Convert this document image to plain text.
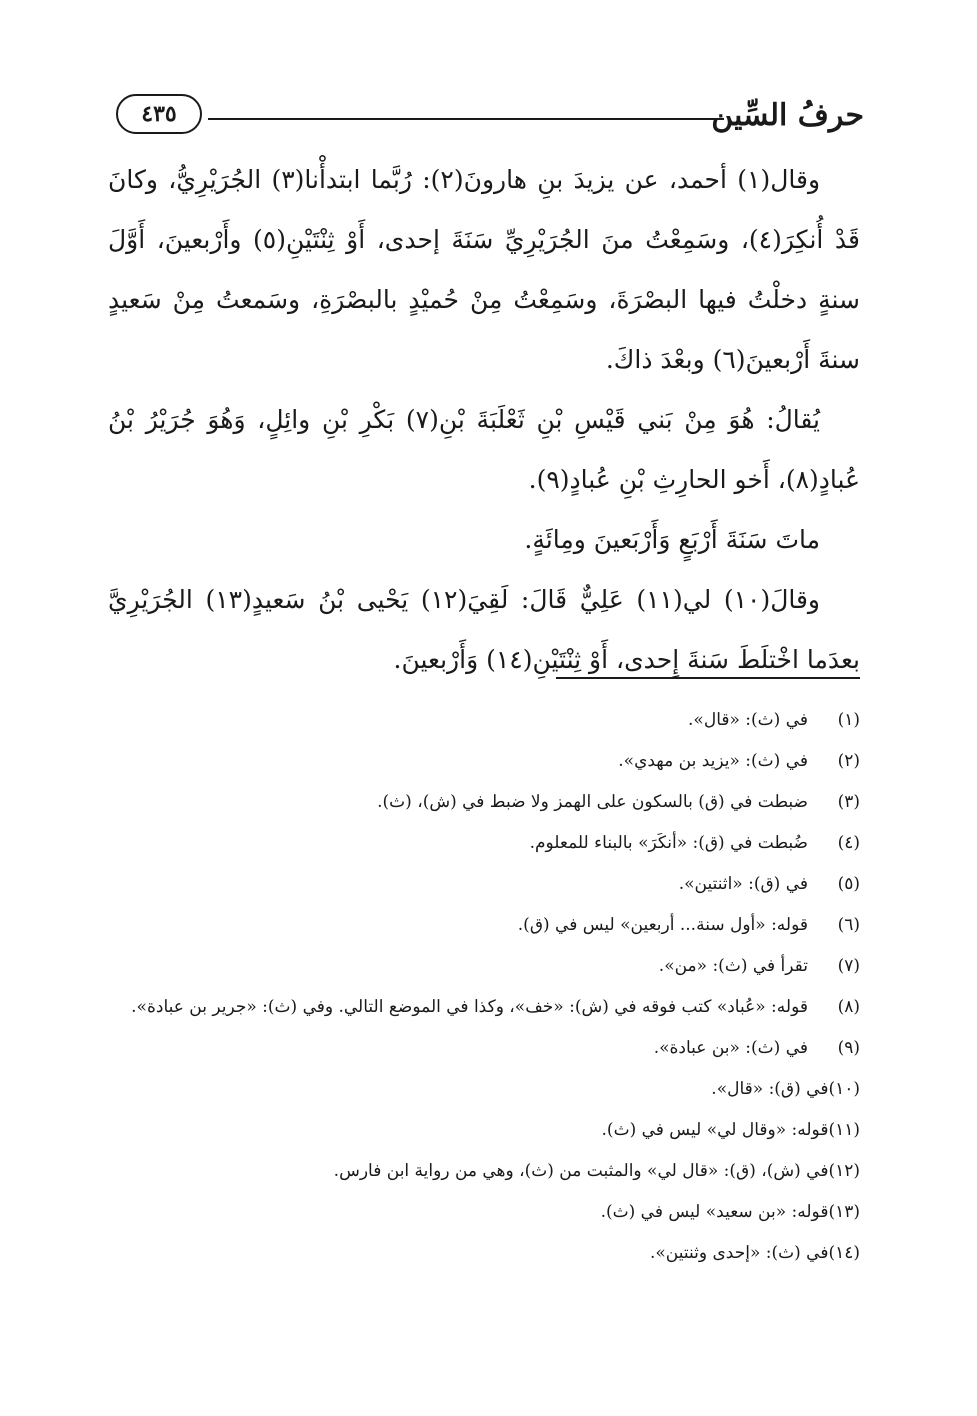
حرفُ السِّين
٤٣٥

وقال(١) أحمد، عن يزيدَ بنِ هارونَ(٢): رُبَّما ابتدأْنا(٣) الجُرَيْرِيُّ، وكانَ قَدْ أُنكِرَ(٤)، وسَمِعْتُ منَ الجُرَيْرِيِّ سَنَةَ إحدى، أَوْ ثِنْتَيْنِ(٥) وأَرْبعينَ، أَوَّلَ سنةٍ دخلْتُ فيها البصْرَةَ، وسَمِعْتُ مِنْ حُميْدٍ بالبصْرَةِ، وسَمعتُ مِنْ سَعيدٍ سنةَ أَرْبعينَ(٦) وبعْدَ ذاكَ.

يُقالُ: هُوَ مِنْ بَني قَيْسِ بْنِ ثَعْلَبَةَ بْنِ(٧) بَكْرِ بْنِ وائِلٍ، وَهُوَ جُرَيْرُ بْنُ عُبادٍ(٨)، أَخو الحارِثِ بْنِ عُبادٍ(٩).

ماتَ سَنَةَ أَرْبَعٍ وَأَرْبَعينَ ومِائَةٍ.

وقالَ(١٠) لي(١١) عَلِيٌّ قَالَ: لَقِيَ(١٢) يَحْيى بْنُ سَعيدٍ(١٣) الجُرَيْرِيَّ بعدَما اخْتلَطَ سَنةَ إِحدى، أَوْ ثِنْتَيْنِ(١٤) وَأَرْبعينَ.

(١)
في (ث): «قال».
(٢)
في (ث): «يزيد بن مهدي».
(٣)
ضبطت في (ق) بالسكون على الهمز ولا ضبط في (ش)، (ث).
(٤)
ضُبطت في (ق): «أنكَرَ» بالبناء للمعلوم.
(٥)
في (ق): «اثنتين».
(٦)
قوله: «أول سنة... أربعين» ليس في (ق).
(٧)
تقرأ في (ث): «من».
(٨)
قوله: «عُباد» كتب فوقه في (ش): «خف»، وكذا في الموضع التالي. وفي (ث): «جرير بن عبادة».
(٩)
في (ث): «بن عبادة».
(١٠)
في (ق): «قال».
(١١)
قوله: «وقال لي» ليس في (ث).
(١٢)
في (ش)، (ق): «قال لي» والمثبت من (ث)، وهي من رواية ابن فارس.
(١٣)
قوله: «بن سعيد» ليس في (ث).
(١٤)
في (ث): «إحدى وثنتين».
